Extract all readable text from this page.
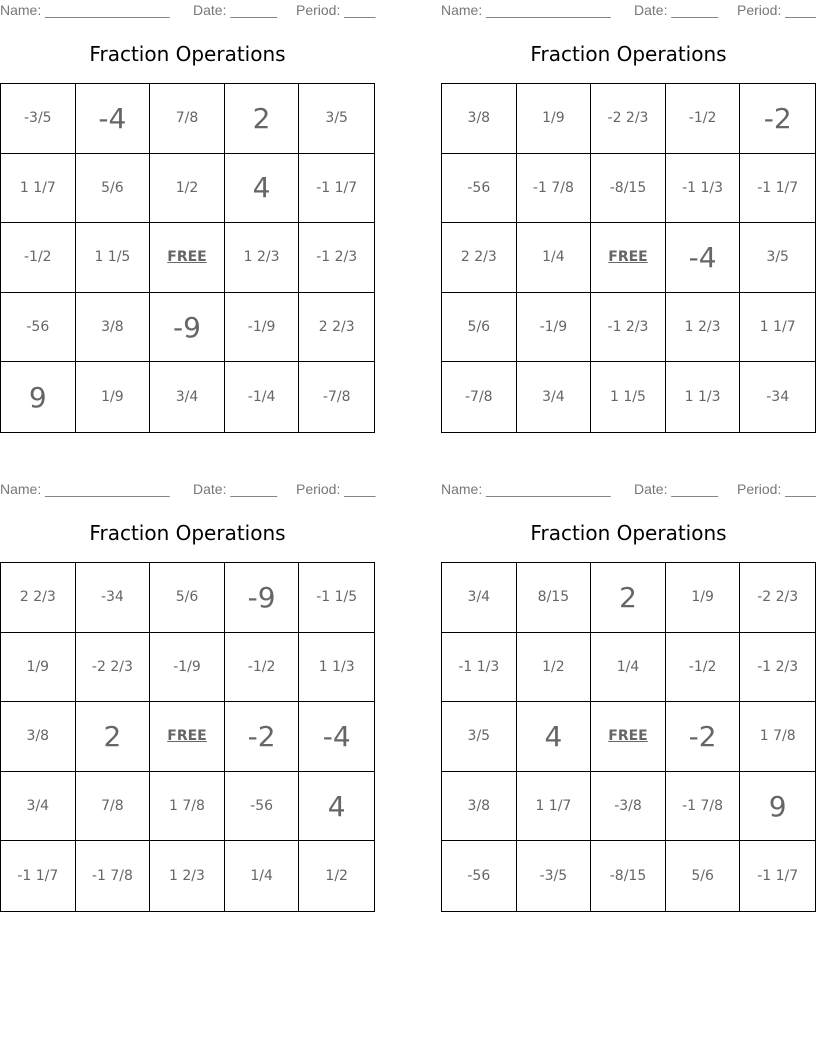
Name: ________________ Date: ______ Period: ____
Fraction Operations
-3/5	-4	7/8	2	3/5
1 1/7	5/6	1/2	4	-1 1/7
-1/2	1 1/5	FREE	1 2/3	-1 2/3
-56	3/8	-9	-1/9	2 2/3
9	1/9	3/4	-1/4	-7/8
Name: ________________ Date: ______ Period: ____
Fraction Operations
3/8	1/9	-2 2/3	-1/2	-2
-56	-1 7/8	-8/15	-1 1/3	-1 1/7
2 2/3	1/4	FREE	-4	3/5
5/6	-1/9	-1 2/3	1 2/3	1 1/7
-7/8	3/4	1 1/5	1 1/3	-34
Name: ________________ Date: ______ Period: ____
Fraction Operations
2 2/3	-34	5/6	-9	-1 1/5
1/9	-2 2/3	-1/9	-1/2	1 1/3
3/8	2	FREE	-2	-4
3/4	7/8	1 7/8	-56	4
-1 1/7	-1 7/8	1 2/3	1/4	1/2
Name: ________________ Date: ______ Period: ____
Fraction Operations
3/4	8/15	2	1/9	-2 2/3
-1 1/3	1/2	1/4	-1/2	-1 2/3
3/5	4	FREE	-2	1 7/8
3/8	1 1/7	-3/8	-1 7/8	9
-56	-3/5	-8/15	5/6	-1 1/7
